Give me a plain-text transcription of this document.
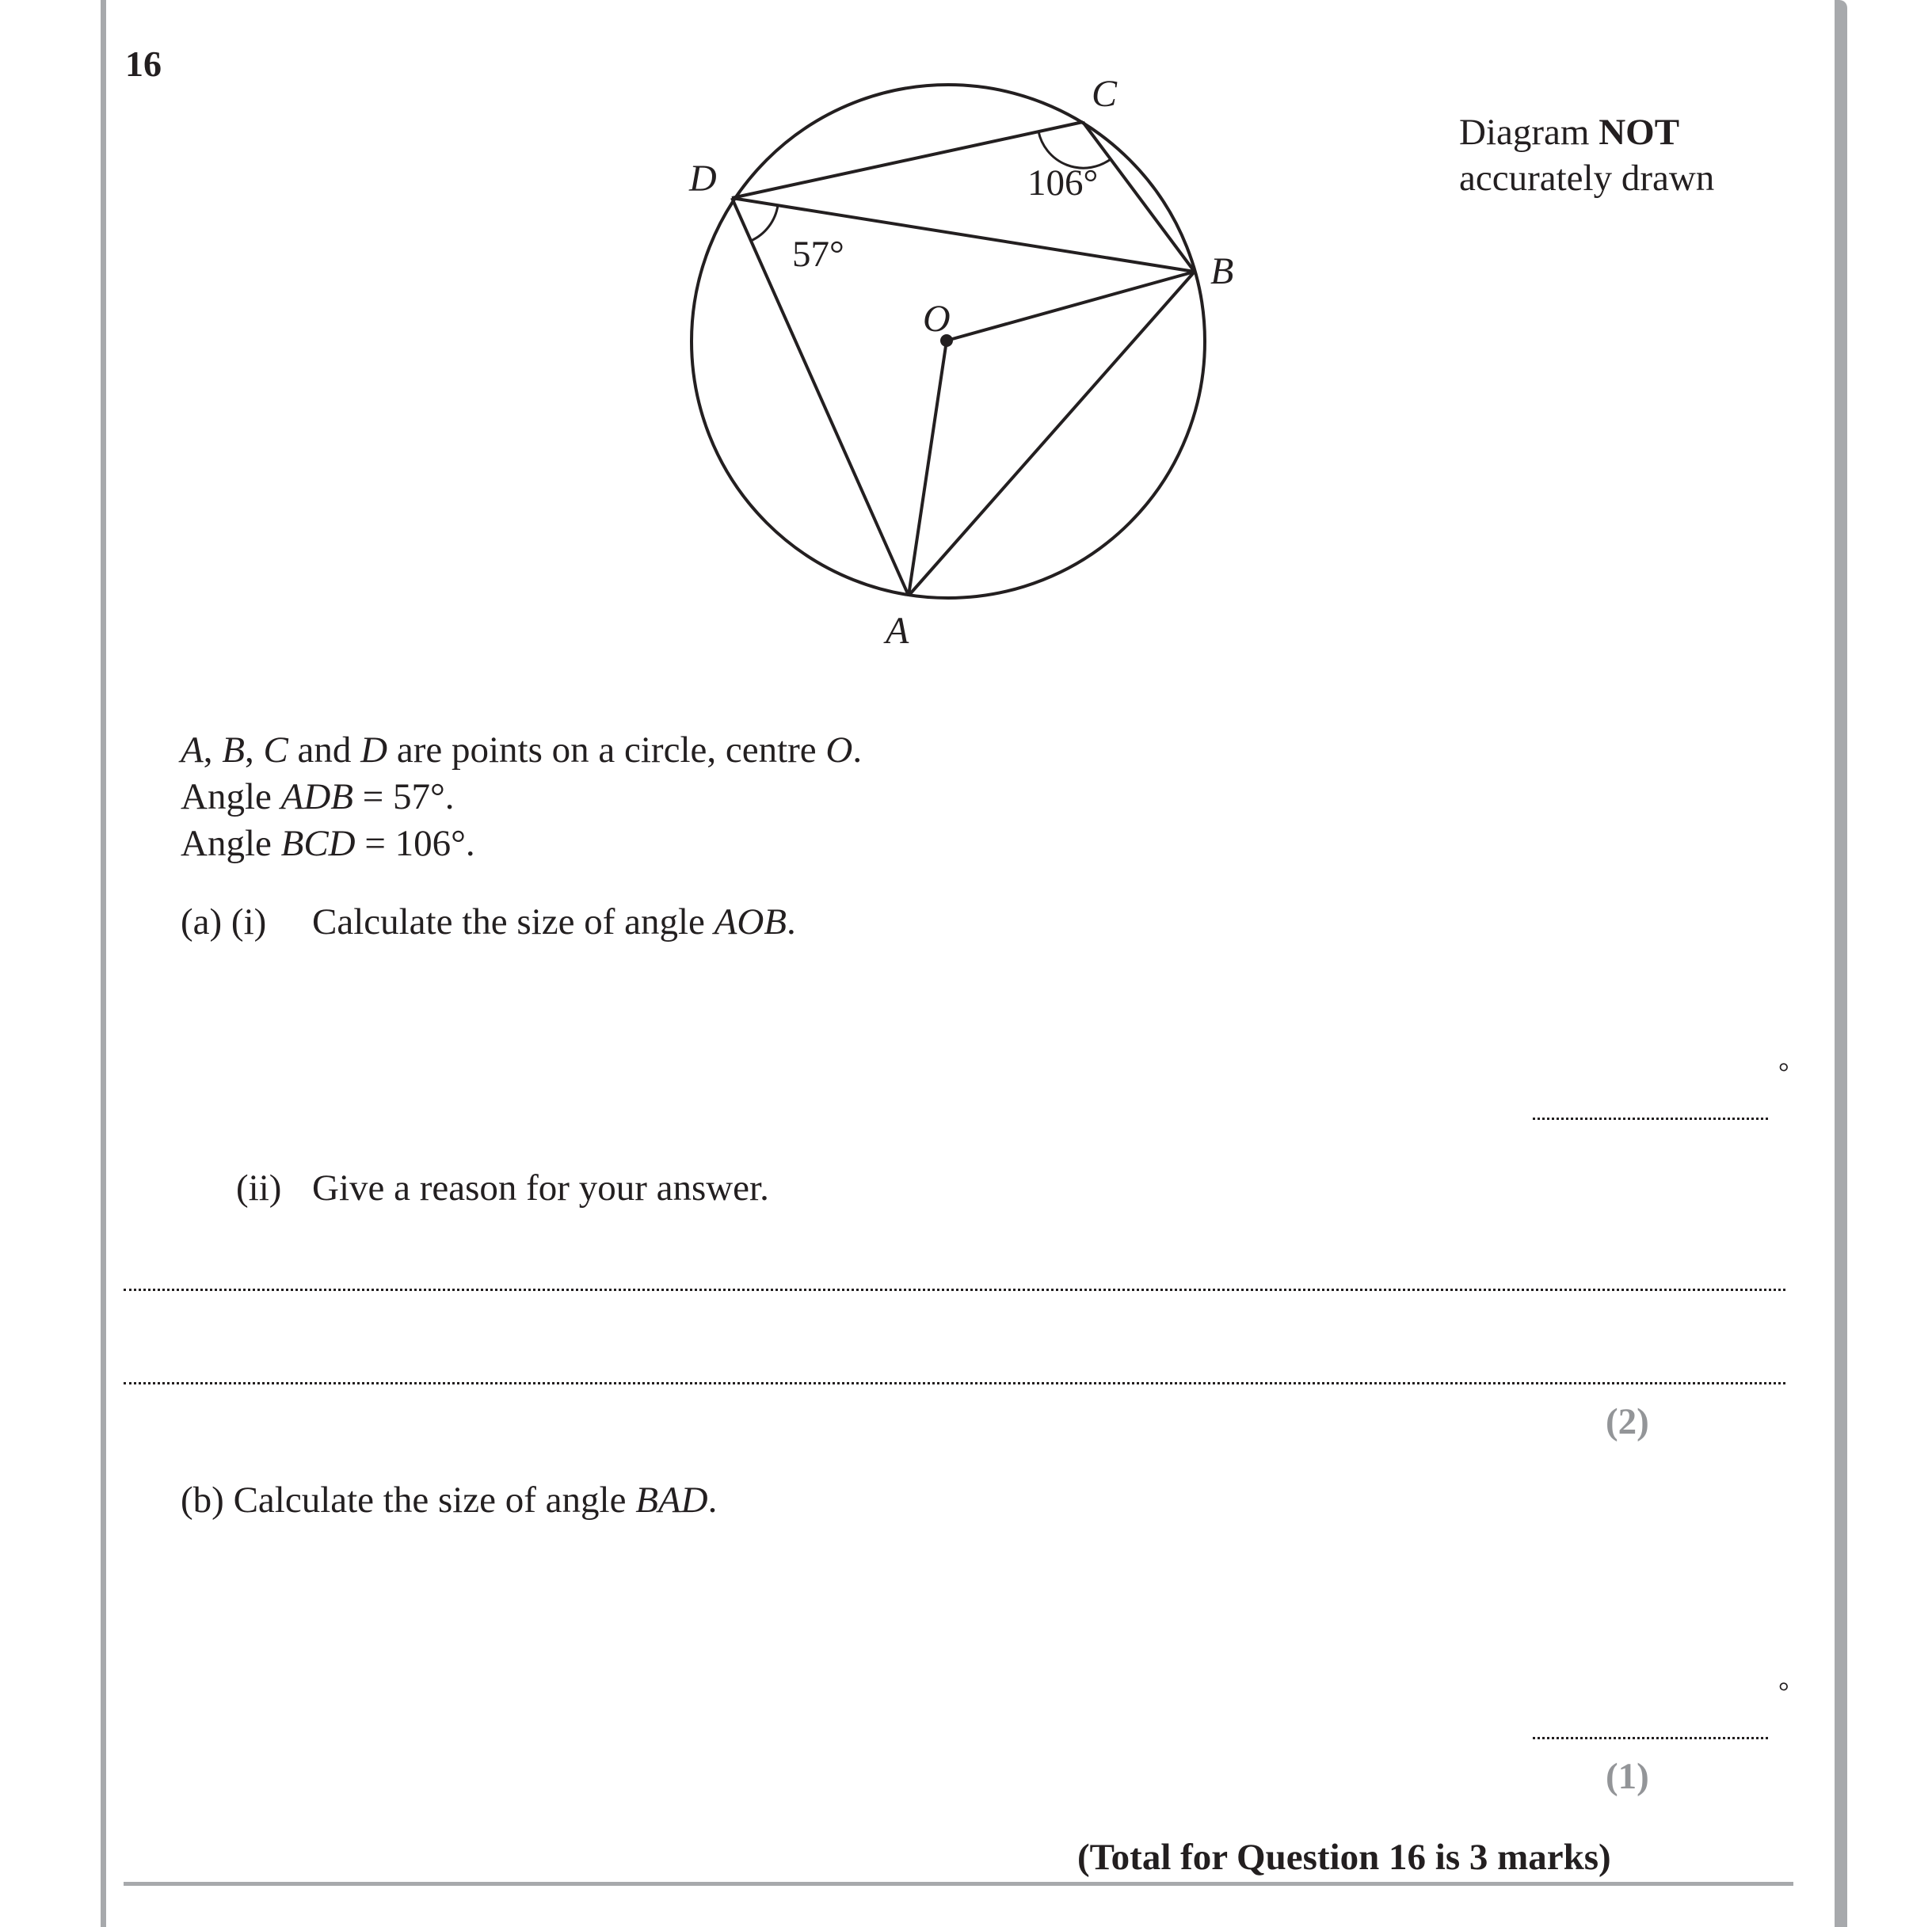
16
D
C
B
O
A
57°
106°
Diagram NOT
accurately drawn
A, B, C and D are points on a circle, centre O.
Angle ADB = 57°.
Angle BCD = 106°.
(a) (i) Calculate the size of angle AOB.
°
(ii) Give a reason for your answer.
(2)
(b) Calculate the size of angle BAD.
°
(1)
(Total for Question 16 is 3 marks)
